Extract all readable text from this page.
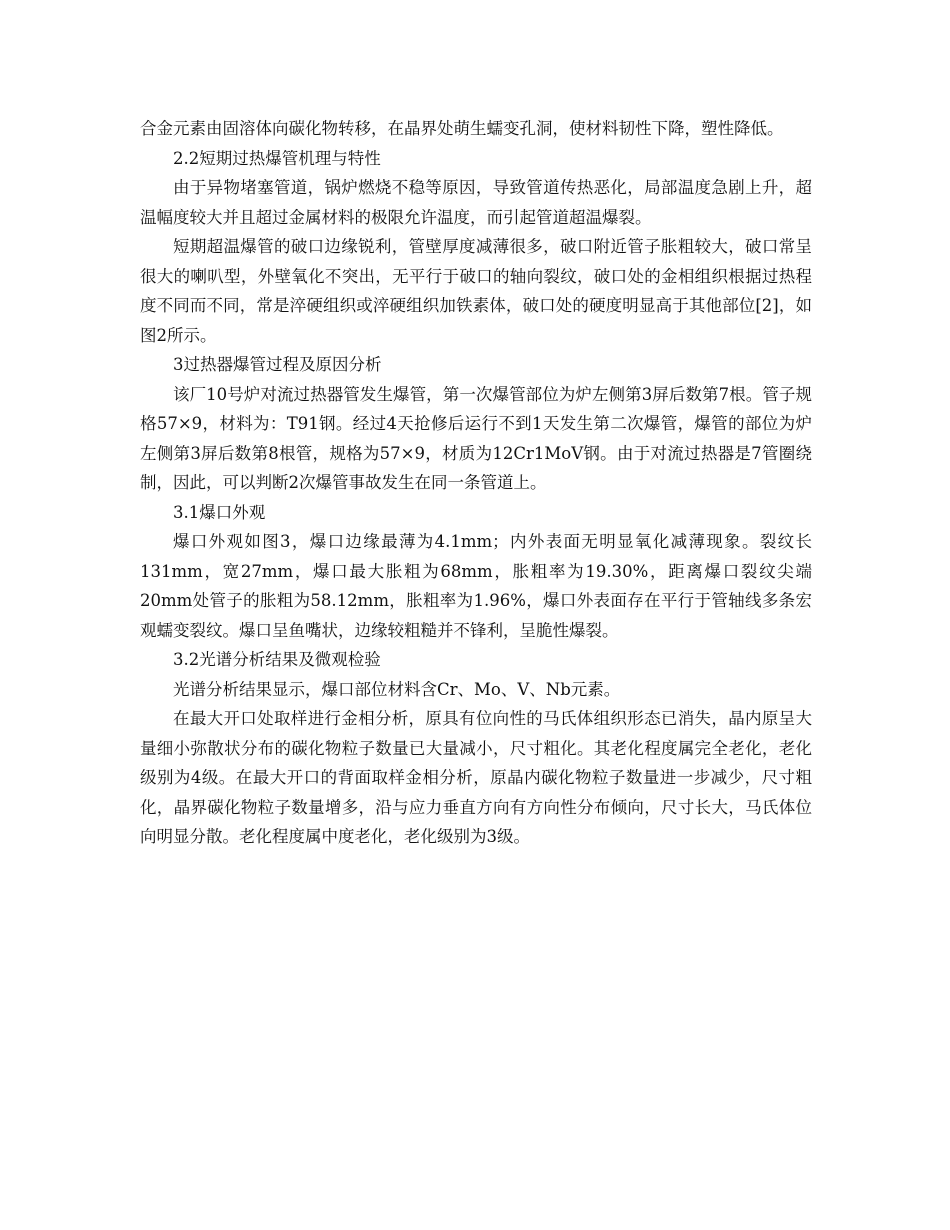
合金元素由固溶体向碳化物转移，在晶界处萌生蠕变孔洞，使材料韧性下降，塑性降低。

2.2短期过热爆管机理与特性

由于异物堵塞管道，锅炉燃烧不稳等原因，导致管道传热恶化，局部温度急剧上升，超温幅度较大并且超过金属材料的极限允许温度，而引起管道超温爆裂。

短期超温爆管的破口边缘锐利，管壁厚度减薄很多，破口附近管子胀粗较大，破口常呈很大的喇叭型，外壁氧化不突出，无平行于破口的轴向裂纹，破口处的金相组织根据过热程度不同而不同，常是淬硬组织或淬硬组织加铁素体，破口处的硬度明显高于其他部位[2]，如图2所示。

3过热器爆管过程及原因分析

该厂10号炉对流过热器管发生爆管，第一次爆管部位为炉左侧第3屏后数第7根。管子规格57×9，材料为：T91钢。经过4天抢修后运行不到1天发生第二次爆管，爆管的部位为炉左侧第3屏后数第8根管，规格为57×9，材质为12Cr1MoV钢。由于对流过热器是7管圈绕制，因此，可以判断2次爆管事故发生在同一条管道上。

3.1爆口外观

爆口外观如图3，爆口边缘最薄为4.1mm；内外表面无明显氧化减薄现象。裂纹长131mm，宽27mm，爆口最大胀粗为68mm，胀粗率为19.30%，距离爆口裂纹尖端20mm处管子的胀粗为58.12mm，胀粗率为1.96%，爆口外表面存在平行于管轴线多条宏观蠕变裂纹。爆口呈鱼嘴状，边缘较粗糙并不锋利，呈脆性爆裂。

3.2光谱分析结果及微观检验

光谱分析结果显示，爆口部位材料含Cr、Mo、V、Nb元素。

在最大开口处取样进行金相分析，原具有位向性的马氏体组织形态已消失，晶内原呈大量细小弥散状分布的碳化物粒子数量已大量减小，尺寸粗化。其老化程度属完全老化，老化级别为4级。在最大开口的背面取样金相分析，原晶内碳化物粒子数量进一步减少，尺寸粗化，晶界碳化物粒子数量增多，沿与应力垂直方向有方向性分布倾向，尺寸长大，马氏体位向明显分散。老化程度属中度老化，老化级别为3级。
